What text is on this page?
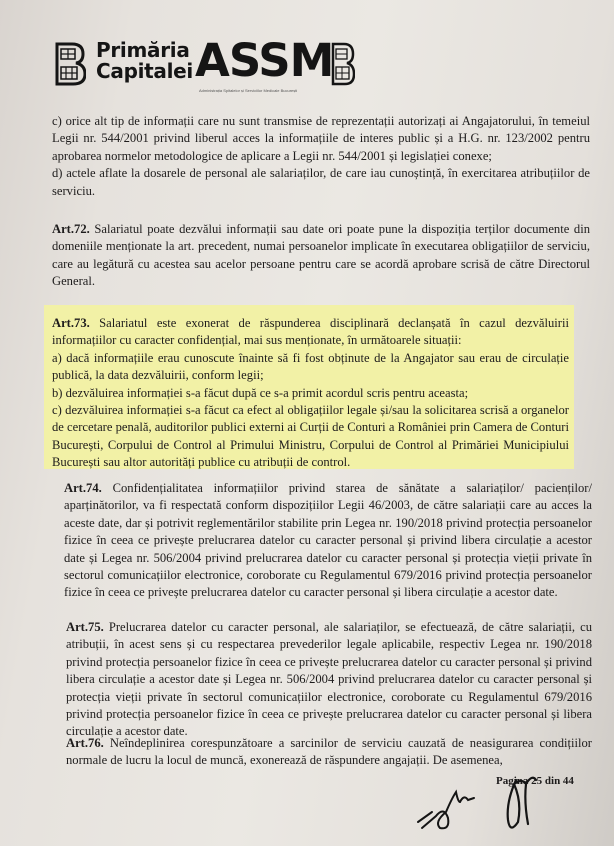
Primăria
Capitalei ASSM
Administrația Spitalelor și Serviciilor Medicale București

c) orice alt tip de informații care nu sunt transmise de reprezentații autorizați ai Angajatorului, în temeiul Legii nr. 544/2001 privind liberul acces la informațiile de interes public și a H.G. nr. 123/2002 pentru aprobarea normelor metodologice de aplicare a Legii nr. 544/2001 și legislației conexe;

d) actele aflate la dosarele de personal ale salariaților, de care iau cunoștință, în exercitarea atribuțiilor de serviciu.

Art.72. Salariatul poate dezvălui informații sau date ori poate pune la dispoziția terților documente din domeniile menționate la art. precedent, numai persoanelor implicate în executarea obligațiilor de serviciu, care au legătură cu acestea sau acelor persoane pentru care se acordă aprobare scrisă de către Directorul General.

Art.73. Salariatul este exonerat de răspunderea disciplinară declanșată în cazul dezvăluirii informațiilor cu caracter confidențial, mai sus menționate, în următoarele situații:

a) dacă informațiile erau cunoscute înainte să fi fost obținute de la Angajator sau erau de circulație publică, la data dezvăluirii, conform legii;

b) dezvăluirea informației s-a făcut după ce s-a primit acordul scris pentru aceasta;

c) dezvăluirea informației s-a făcut ca efect al obligațiilor legale și/sau la solicitarea scrisă a organelor de cercetare penală, auditorilor publici externi ai Curții de Conturi a României prin Camera de Conturi București, Corpului de Control al Primului Ministru, Corpului de Control al Primăriei Municipiului București sau altor autorități publice cu atribuții de control.

Art.74. Confidențialitatea informațiilor privind starea de sănătate a salariaților/ pacienților/ aparținătorilor, va fi respectată conform dispozițiilor Legii 46/2003, de către salariații care au acces la aceste date, dar și potrivit reglementărilor stabilite prin Legea nr. 190/2018 privind protecția persoanelor fizice în ceea ce privește prelucrarea datelor cu caracter personal și privind libera circulație a acestor date și Legea nr. 506/2004 privind prelucrarea datelor cu caracter personal și protecția vieții private în sectorul comunicațiilor electronice, coroborate cu Regulamentul 679/2016 privind protecția persoanelor fizice în ceea ce privește prelucrarea datelor cu caracter personal și libera circulație a acestor date.

Art.75. Prelucrarea datelor cu caracter personal, ale salariaților, se efectuează, de către salariații, cu atribuții, în acest sens și cu respectarea prevederilor legale aplicabile, respectiv Legea nr. 190/2018 privind protecția persoanelor fizice în ceea ce privește prelucrarea datelor cu caracter personal și privind libera circulație a acestor date și Legea nr. 506/2004 privind prelucrarea datelor cu caracter personal și protecția vieții private în sectorul comunicațiilor electronice, coroborate cu Regulamentul 679/2016 privind protecția persoanelor fizice în ceea ce privește prelucrarea datelor cu caracter personal și libera circulație a acestor date.

Art.76. Neîndeplinirea corespunzătoare a sarcinilor de serviciu cauzată de neasigurarea condițiilor normale de lucru la locul de muncă, exonerează de răspundere angajații. De asemenea,

Pagina 25 din 44
